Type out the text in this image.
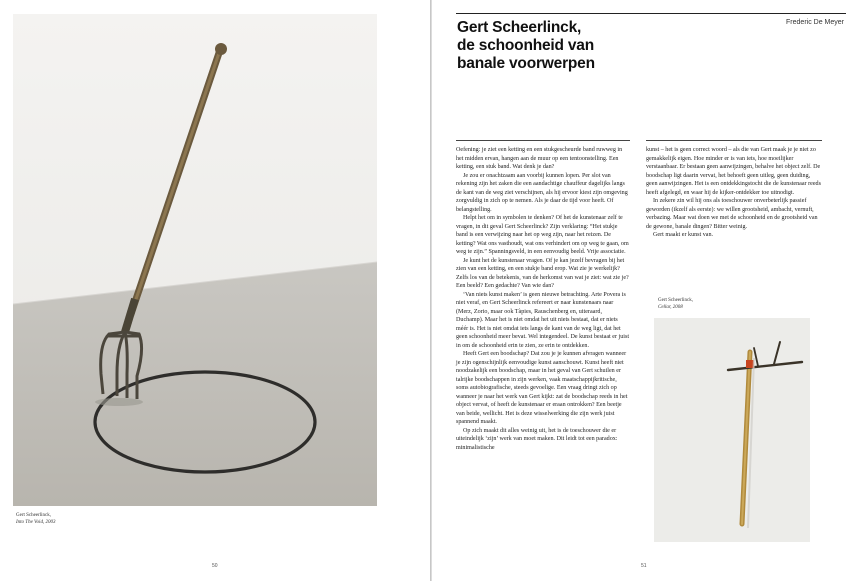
Gert Scheerlinck,
Into The Void, 2003
50
Frederic De Meyer
Gert Scheerlinck,
de schoonheid van
banale voorwerpen

Oefening: je ziet een ketting en een stukgescheurde band ruwweg in het midden ervan, hangen aan de muur op een tentoonstelling. Een ketting, een stuk band. Wat denk je dan?

Je zou er onachtzaam aan voorbij kunnen lopen. Per slot van rekening zijn het zaken die een aandachtige chauffeur dagelijks langs de kant van de weg ziet verschijnen, als hij ervoor kiest zijn omgeving zorgvuldig in zich op te nemen. Als je daar de tijd voor heeft. Of belangstelling.

Helpt het om in symbolen te denken? Of het de kunstenaar zelf te vragen, in dit geval Gert Scheerlinck? Zijn verklaring: “Het stukje band is een verwijzing naar het op weg zijn, naar het reizen. De ketting? Wat ons vasthoudt, wat ons verhindert om op weg te gaan, om weg te zijn.” Spanningsveld, in een eenvoudig beeld. Vrije associatie.

Je kunt het de kunstenaar vragen. Of je kan jezelf bevragen bij het zien van een ketting, en een stukje band erop. Wat zie je werkelijk? Zelfs los van de betekenis, van de herkomst van wat je ziet: wat zie je? Een beeld? Een gedachte? Van wie dan?

‘Van niets kunst maken’ is geen nieuwe betrachting. Arte Povera is niet veraf, en Gert Scheerlinck refereert er naar kunstenaars naar (Merz, Zorio, maar ook Tàpies, Rauschenberg en, uiteraard, Duchamp). Maar het is niet omdat het uit niets bestaat, dat er niets méér is. Het is niet omdat iets langs de kant van de weg ligt, dat het geen schoonheid meer bevat. Wel integendeel. De kunst bestaat er juist in om de schoonheid erin te zien, ze erin te ontdekken.

Heeft Gert een boodschap? Dat zou je je kunnen afvragen wanneer je zijn ogenschijnlijk eenvoudige kunst aanschouwt. Kunst heeft niet noodzakelijk een boodschap, maar in het geval van Gert schuilen er talrijke boodschappen in zijn werken, vaak maatschappijkritische, soms autobiografische, steeds gevoelige. Een vraag dringt zich op wanneer je naar het werk van Gert kijkt: zat de boodschap reeds in het object vervat, of heeft de kunstenaar er eraan ontrokken? Een beetje van beide, wellicht. Het is deze wisselwerking die zijn werk juist spannend maakt.

Op zich maakt dit alles weinig uit, het is de toeschouwer die er uiteindelijk ‘zijn’ werk van moet maken. Dit leidt tot een paradox: minimalistische

kunst – het is geen correct woord – als die van Gert maak je je niet zo gemakkelijk eigen. Hoe minder er is van iets, hoe moeilijker verstaanbaar. Er bestaan geen aanwijzingen, behalve het object zelf. De boodschap ligt daarin vervat, het behoeft geen uitleg, geen duiding, geen aanwijzingen. Het is een ontdekkingstocht die de kunstenaar reeds heeft afgelegd, en waar hij de kijker-ontdekker toe uitnodigt.

In zekere zin wil hij ons als toeschouwer onverbeterlijk passief geworden (ikzelf als eerste): we willen grootsheid, ambacht, vernuft, verbazing. Maar wat doen we met de schoonheid en de grootsheid van de gewone, banale dingen? Bitter weinig.

Gert maakt er kunst van.

Gert Scheerlinck,
Cellar, 2008
51
